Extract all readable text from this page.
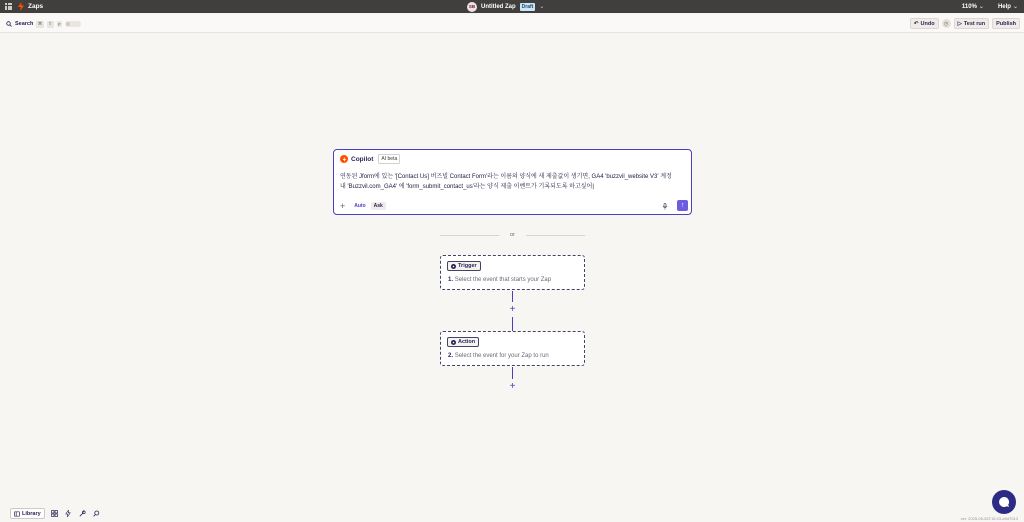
Zaps	SB Untitled Zap	Draft	⌄	110% ⌄ Help ⌄
Search	⌘	⇧	F	↶ Undo	◷	▷ Test run	Publish
Copilot	AI beta
연동된 Jform에 있는 '[Contact Us] 버즈빌 Contact Form'라는 이름의 양식에 새 제출값이 생기면, GA4 'buzzvil_website V3' 계정
내 'Buzzvil.com_GA4' 에 'form_submit_contact_us'라는 양식 제출 이벤트가 기록되도록 하고싶어|
+	Auto	Ask	↑
or
Trigger
1. Select the event that starts your Zap
+
Action
2. Select the event for your Zap to run
+
Library
ver. 2025-05-26T15:03-a9d7013
